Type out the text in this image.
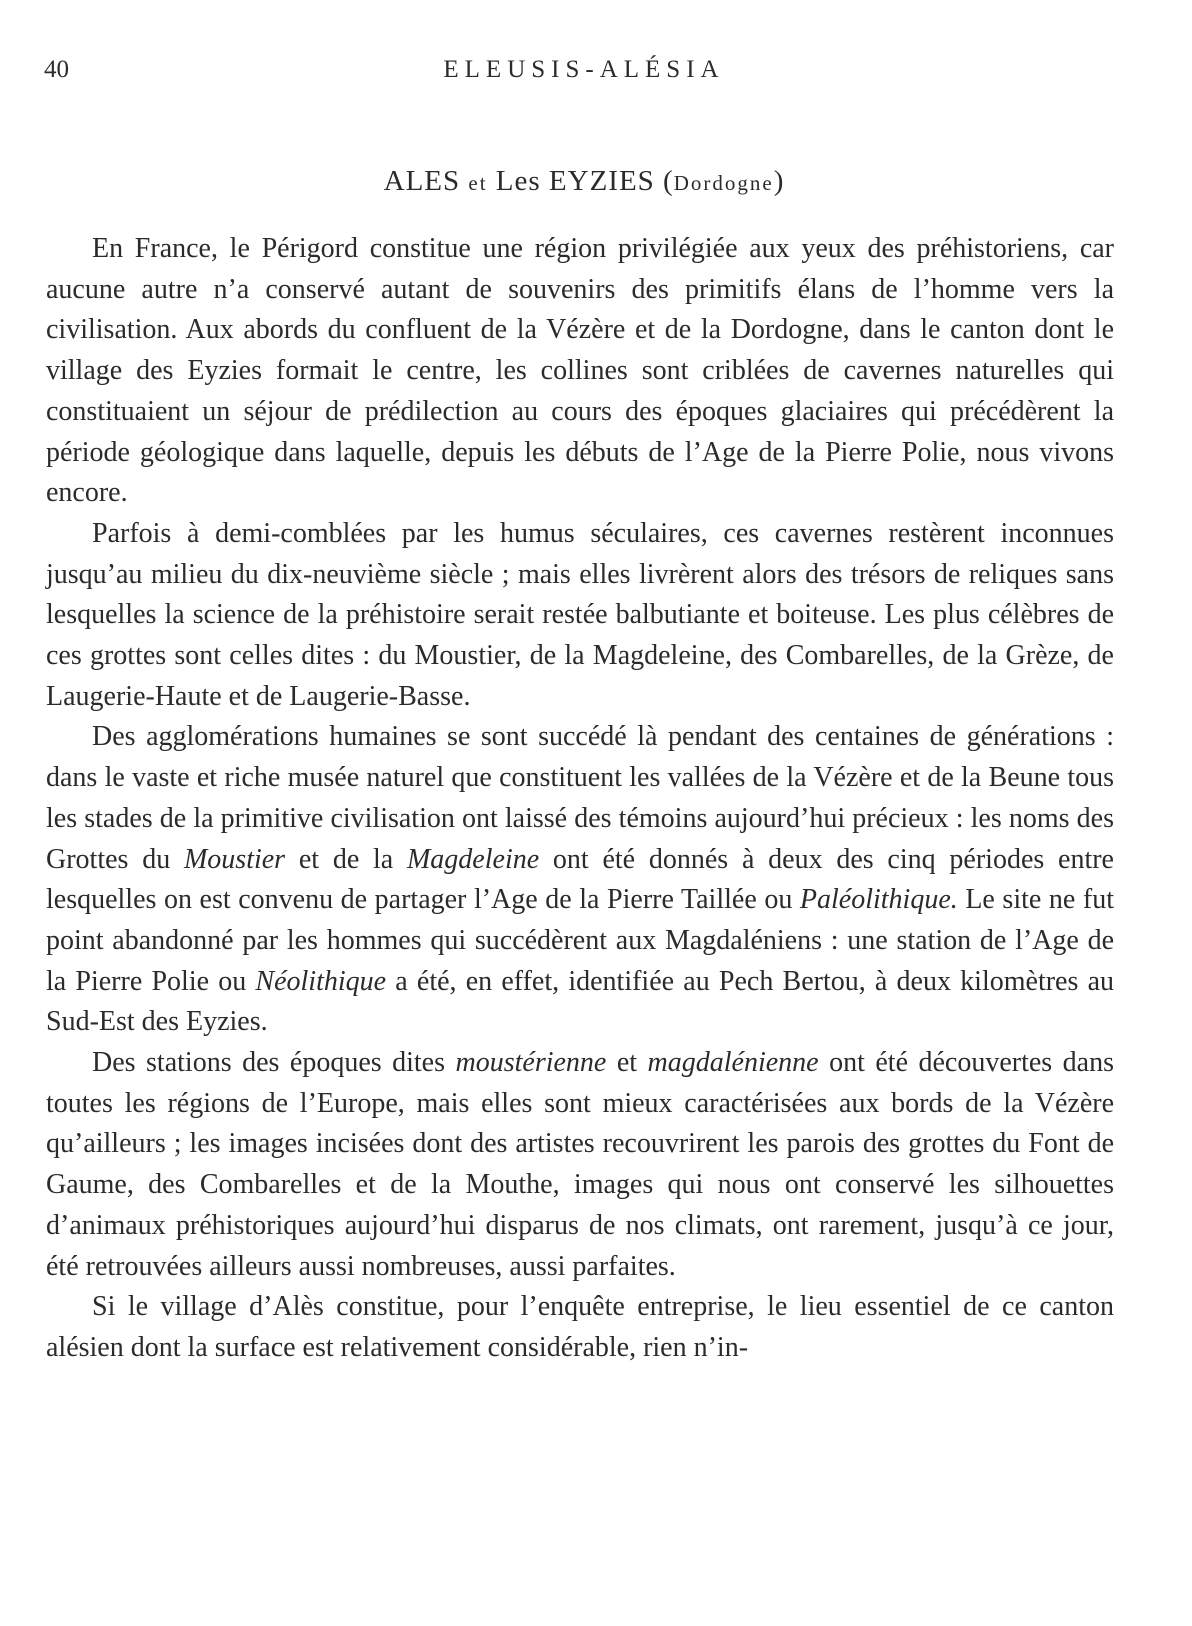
40	ELEUSIS-ALÉSIA
ALES et Les EYZIES (Dordogne)

En France, le Périgord constitue une région privilégiée aux yeux des préhistoriens, car aucune autre n’a conservé autant de souvenirs des primitifs élans de l’homme vers la civilisation. Aux abords du confluent de la Vézère et de la Dordogne, dans le canton dont le village des Eyzies formait le centre, les collines sont criblées de cavernes naturelles qui constituaient un séjour de prédilection au cours des époques glaciaires qui précédèrent la période géologique dans laquelle, depuis les débuts de l’Age de la Pierre Polie, nous vivons encore.

Parfois à demi-comblées par les humus séculaires, ces cavernes restèrent inconnues jusqu’au milieu du dix-neuvième siècle ; mais elles livrèrent alors des trésors de reliques sans lesquelles la science de la préhistoire serait restée balbutiante et boiteuse. Les plus célèbres de ces grottes sont celles dites : du Moustier, de la Magdeleine, des Combarelles, de la Grèze, de Laugerie-Haute et de Laugerie-Basse.

Des agglomérations humaines se sont succédé là pendant des centaines de générations : dans le vaste et riche musée naturel que constituent les vallées de la Vézère et de la Beune tous les stades de la primitive civilisation ont laissé des témoins aujourd’hui précieux : les noms des Grottes du Moustier et de la Magdeleine ont été donnés à deux des cinq périodes entre lesquelles on est convenu de partager l’Age de la Pierre Taillée ou Paléolithique. Le site ne fut point abandonné par les hommes qui succédèrent aux Magdaléniens : une station de l’Age de la Pierre Polie ou Néolithique a été, en effet, identifiée au Pech Bertou, à deux kilomètres au Sud-Est des Eyzies.

Des stations des époques dites moustérienne et magdalénienne ont été découvertes dans toutes les régions de l’Europe, mais elles sont mieux caractérisées aux bords de la Vézère qu’ailleurs ; les images incisées dont des artistes recouvrirent les parois des grottes du Font de Gaume, des Combarelles et de la Mouthe, images qui nous ont conservé les silhouettes d’animaux préhistoriques aujourd’hui disparus de nos climats, ont rarement, jusqu’à ce jour, été retrouvées ailleurs aussi nombreuses, aussi parfaites.

Si le village d’Alès constitue, pour l’enquête entreprise, le lieu essentiel de ce canton alésien dont la surface est relativement considérable, rien n’in-
